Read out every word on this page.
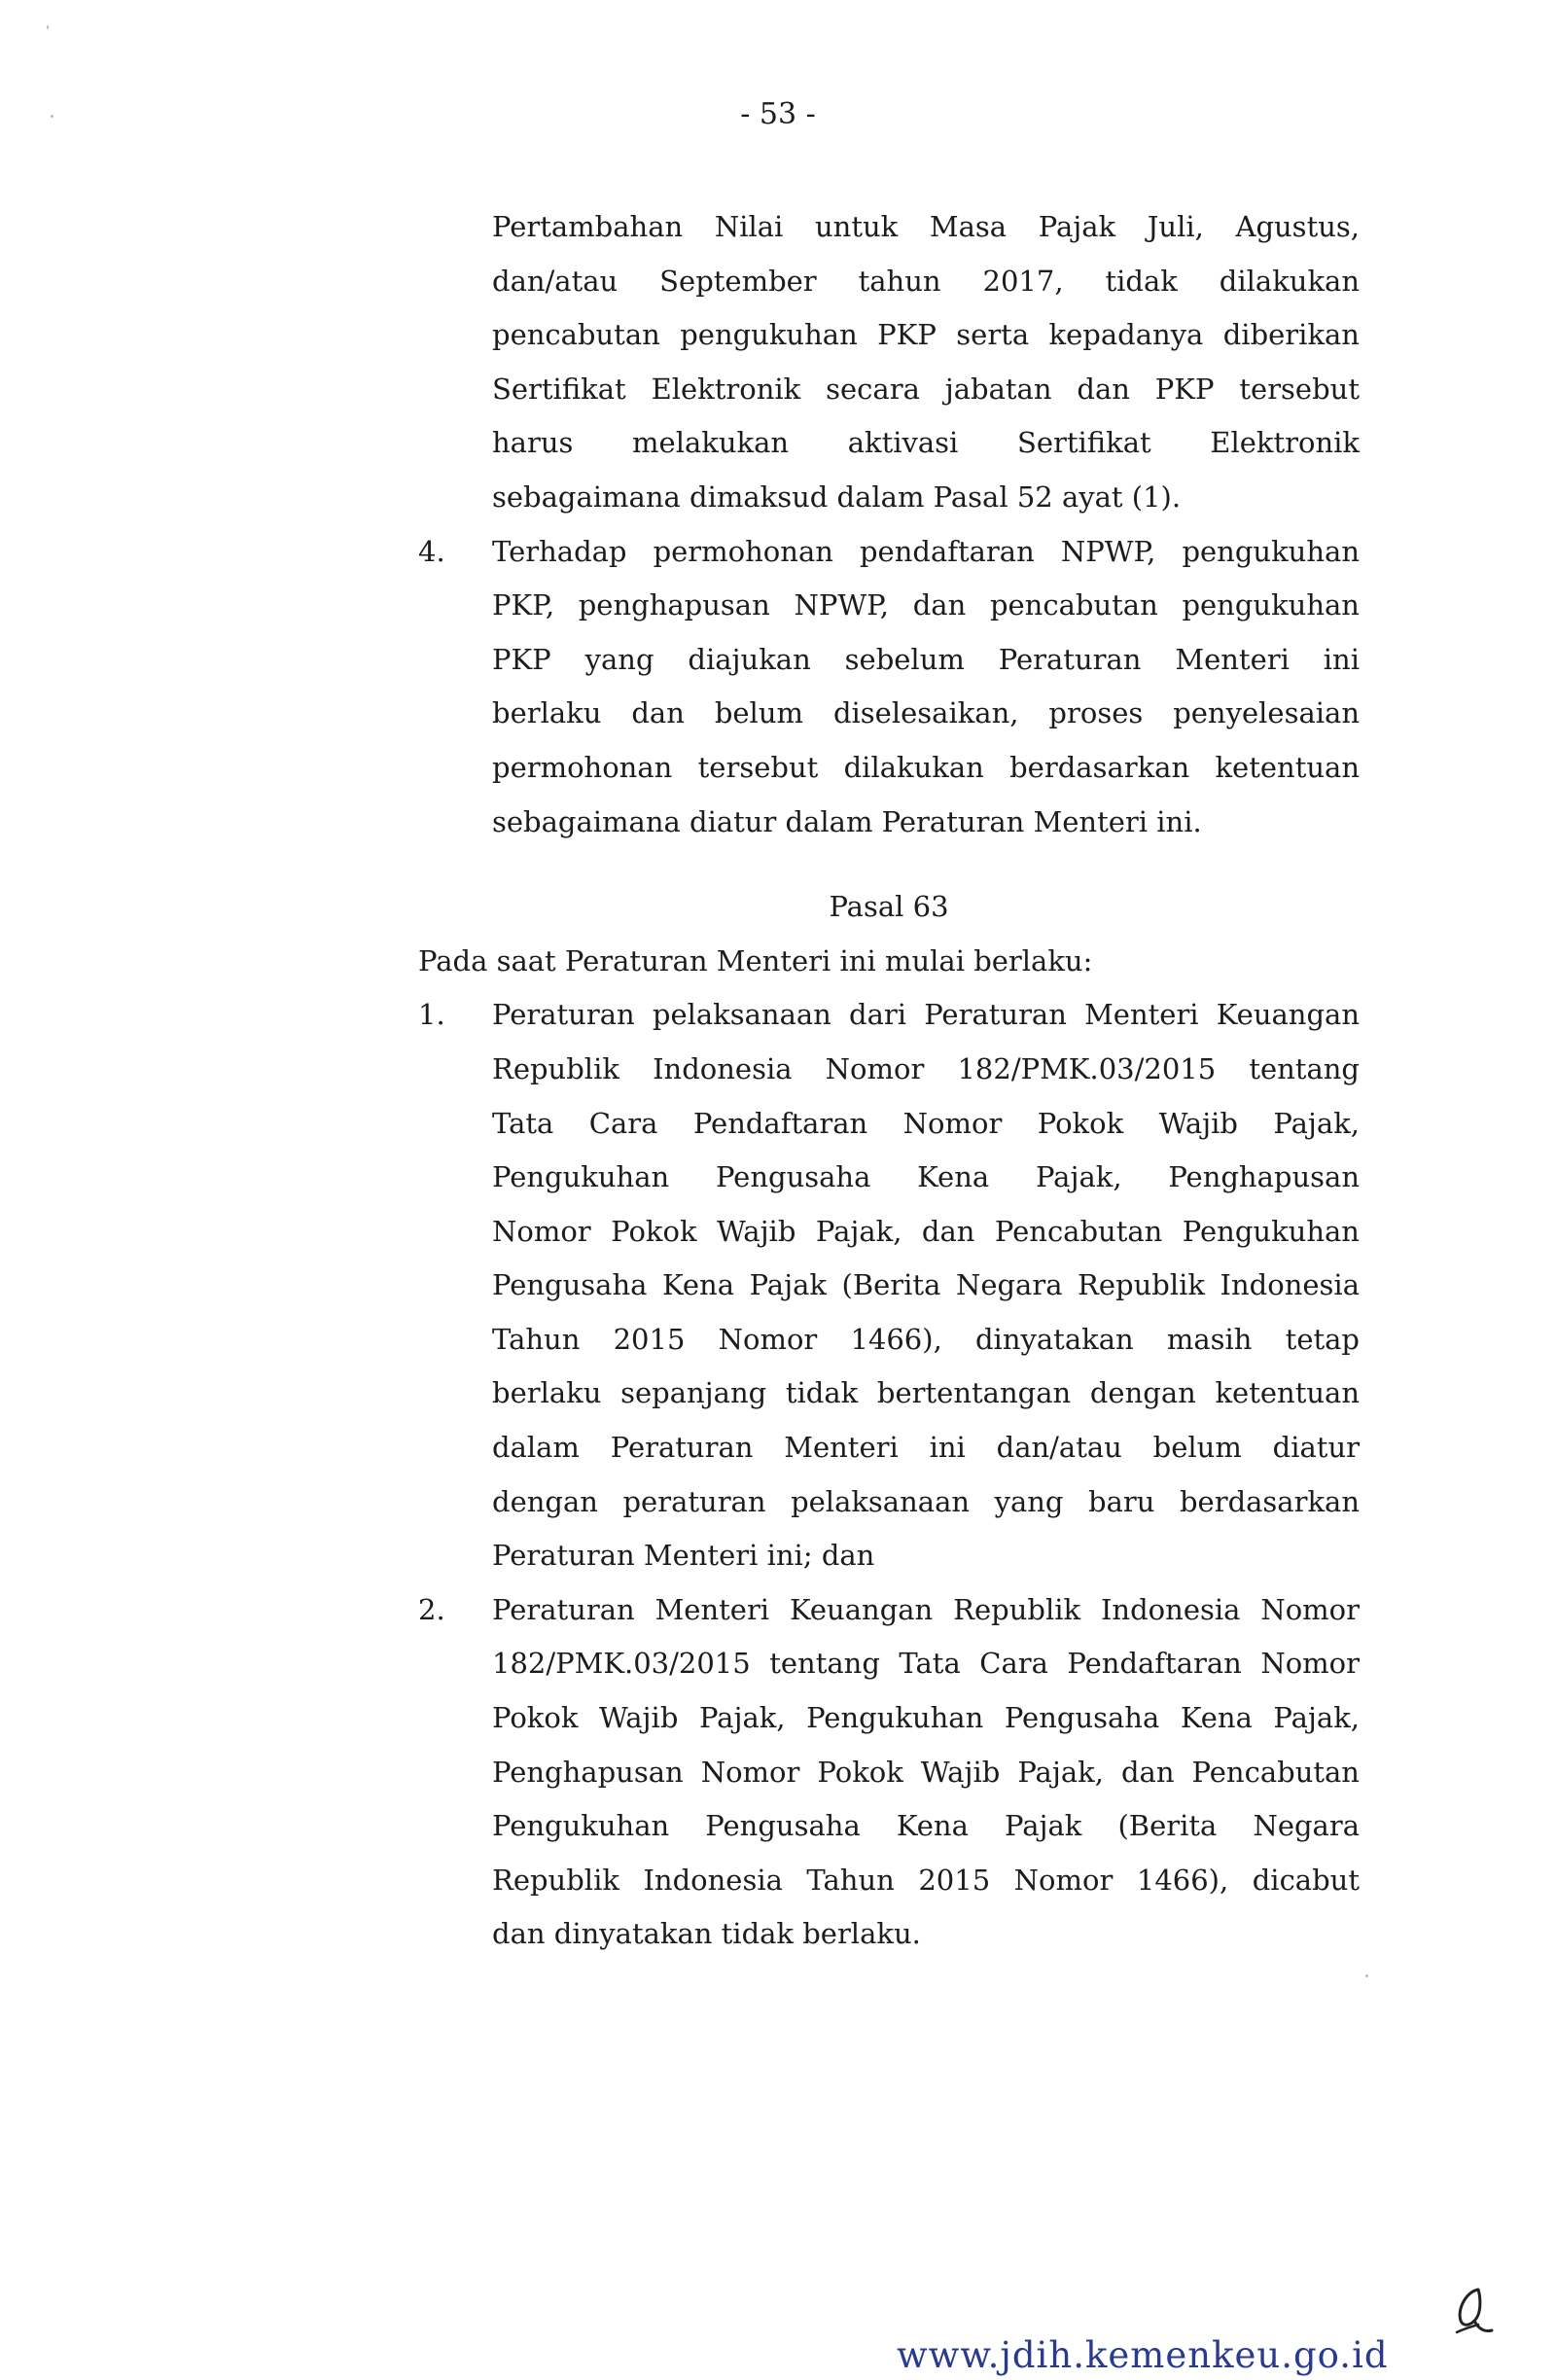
- 53 -
Pertambahan Nilai untuk Masa Pajak Juli, Agustus,
dan/atau September tahun 2017, tidak dilakukan
pencabutan pengukuhan PKP serta kepadanya diberikan
Sertifikat Elektronik secara jabatan dan PKP tersebut
harus melakukan aktivasi Sertifikat Elektronik
sebagaimana dimaksud dalam Pasal 52 ayat (1).
4.	Terhadap permohonan pendaftaran NPWP, pengukuhan
PKP, penghapusan NPWP, dan pencabutan pengukuhan
PKP yang diajukan sebelum Peraturan Menteri ini
berlaku dan belum diselesaikan, proses penyelesaian
permohonan tersebut dilakukan berdasarkan ketentuan
sebagaimana diatur dalam Peraturan Menteri ini.
Pasal 63
Pada saat Peraturan Menteri ini mulai berlaku:
1.	Peraturan pelaksanaan dari Peraturan Menteri Keuangan
Republik Indonesia Nomor 182/PMK.03/2015 tentang
Tata Cara Pendaftaran Nomor Pokok Wajib Pajak,
Pengukuhan Pengusaha Kena Pajak, Penghapusan
Nomor Pokok Wajib Pajak, dan Pencabutan Pengukuhan
Pengusaha Kena Pajak (Berita Negara Republik Indonesia
Tahun 2015 Nomor 1466), dinyatakan masih tetap
berlaku sepanjang tidak bertentangan dengan ketentuan
dalam Peraturan Menteri ini dan/atau belum diatur
dengan peraturan pelaksanaan yang baru berdasarkan
Peraturan Menteri ini; dan
2.	Peraturan Menteri Keuangan Republik Indonesia Nomor
182/PMK.03/2015 tentang Tata Cara Pendaftaran Nomor
Pokok Wajib Pajak, Pengukuhan Pengusaha Kena Pajak,
Penghapusan Nomor Pokok Wajib Pajak, dan Pencabutan
Pengukuhan Pengusaha Kena Pajak (Berita Negara
Republik Indonesia Tahun 2015 Nomor 1466), dicabut
dan dinyatakan tidak berlaku.
www.jdih.kemenkeu.go.id
